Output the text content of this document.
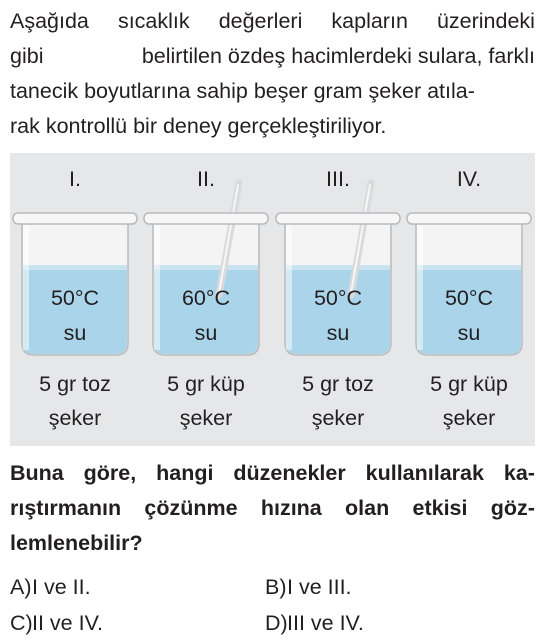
Aşağıda sıcaklık değerleri kapların üzerindeki
gibi	belirtilen özdeş hacimlerdeki sulara, farklı
tanecik boyutlarına sahip beşer gram şeker atıla-
rak kontrollü bir deney gerçekleştiriliyor.
I.
50°C
su
5 gr toz
şeker
II.
60°C
su
5 gr küp
şeker
III.
50°C
su
5 gr toz
şeker
IV.
50°C
su
5 gr küp
şeker
Buna göre, hangi düzenekler kullanılarak ka-
rıştırmanın çözünme hızına olan etkisi göz-
lemlenebilir?
A)I ve II.	B)I ve III.
C)II ve IV.	D)III ve IV.
